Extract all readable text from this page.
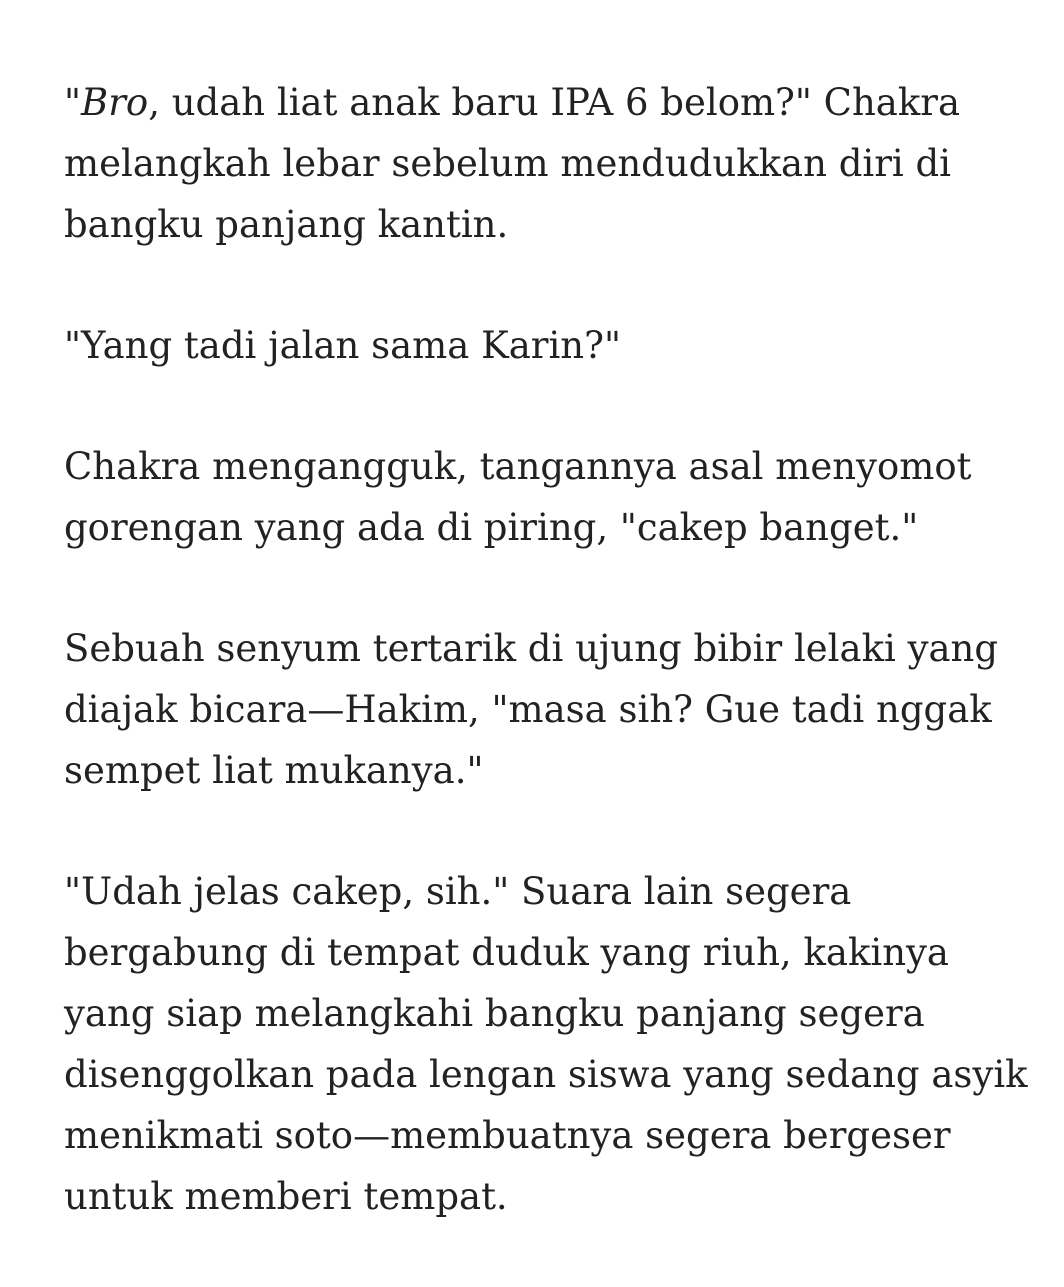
"Bro, udah liat anak baru IPA 6 belom?" Chakra
melangkah lebar sebelum mendudukkan diri di
bangku panjang kantin.

"Yang tadi jalan sama Karin?"

Chakra mengangguk, tangannya asal menyomot
gorengan yang ada di piring, "cakep banget."

Sebuah senyum tertarik di ujung bibir lelaki yang
diajak bicara—Hakim, "masa sih? Gue tadi nggak
sempet liat mukanya."

"Udah jelas cakep, sih." Suara lain segera
bergabung di tempat duduk yang riuh, kakinya
yang siap melangkahi bangku panjang segera
disenggolkan pada lengan siswa yang sedang asyik
menikmati soto—membuatnya segera bergeser
untuk memberi tempat.
